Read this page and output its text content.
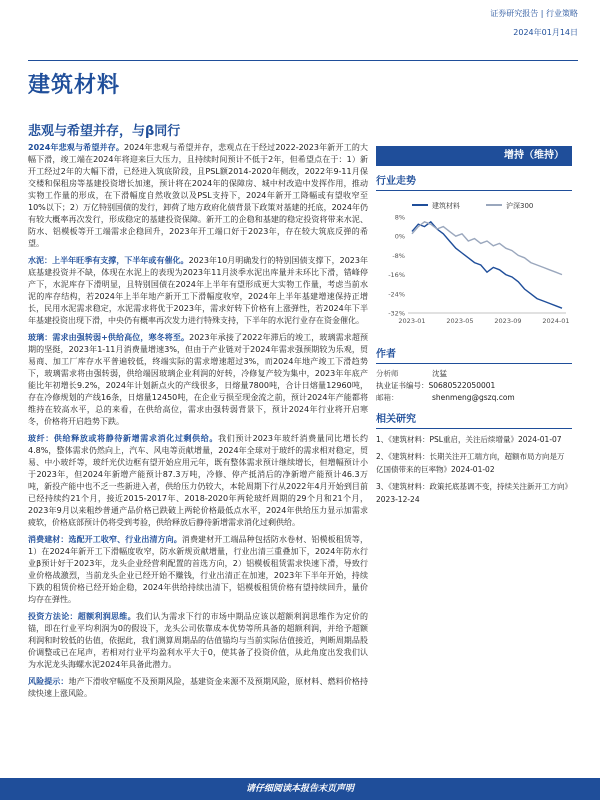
证券研究报告 | 行业策略
2024年01月14日
建筑材料
悲观与希望并存，与β同行

2024年悲观与希望并存。2024年悲观与希望并存，悲观点在于经过2022-2023年新开工的大幅下滑，竣工端在2024年将迎来巨大压力，且持续时间预计不低于2年，但希望点在于：1）新开工经过2年的大幅下滑，已经进入筑底阶段，且PSL额2014-2020年侧改，2022年9-11月保交楼和保租房等基建投资增长加速，预计将在2024年的保障房、城中村改造中发挥作用，推动实物工作量的形成，在下滑幅度自然收敛以及PSL支持下，2024年新开工降幅或有望收窄至10%以下；2）万亿特别国债的发行，卸荷了地方政府化债背景下政策对基建的托底，2024年仍有较大概率再次发行，形成稳定的基建投资保障。新开工的企稳和基建的稳定投资将带来水泥、防水、铝模板等开工端需求企稳回升，2023年开工端口好于2023年，存在较大筑底反弹的希望。

水泥：上半年旺季有支撑，下半年或有催化。2023年10月明确发行的特别国债支撑下，2023年底基建投资并不缺，体现在水泥上的表现为2023年11月淡季水泥出库量并未环比下滑，错峰停产下，水泥库存下滑明显，且特别国债在2024年上半年有望形成更大实物工作量，考虑当前水泥的库存结构，若2024年上半年地产新开工下滑幅度收窄，2024年上半年基建增速保持正增长，民用水泥需求稳定，水泥需求将优于2023年，需求好转下价格有上涨弹性，若2024年下半年基建投资出现下滑，中央仍有概率再次发力进行特殊支持，下半年的水泥行业存在资金催化。

玻璃：需求由强转弱+供给高位，寒冬将至。2023年承接了2022年滞后的竣工，玻璃需求超预期的坚挺，2023年1-11月消费量增速3%，但由于产业链对于2024年需求强预期较为乐观，贸易商、加工厂库存水平普遍较低，终端实际的需求增速超过3%，而2024年地产竣工下滑趋势下，玻璃需求将由强转弱，供给端因玻璃企业利润的好转，冷修复产较为集中，2023年年底产能比年初增长9.2%，2024年计划新点火的产线很多，日熔量7800吨，合计日熔量12960吨，存在冷修规划的产线16条，日熔量12450吨，在企业亏损至现金流之前，预计2024年产能都将维持在较高水平，总的来看，在供给高位，需求由强转弱背景下，预计2024年行业将开启寒冬，价格将开启趋势下跌。

玻纤：供给释放或将静待新增需求消化过剩供给。我们预计2023年玻纤消费量同比增长约4.8%，整体需求仍然向上，汽车、风电等贡献增量，2024年全球对于玻纤的需求相对稳定，贸易、中小玻纤等，玻纤光伏边框有望开始应用元年，既有整体需求预计继续增长，但增幅预计小于2023年，但2024年新增产能预计87.3万吨，冷修、停产抵消后的净新增产能预计46.3万吨，新投产能中也不乏一些新进入者，供给压力仍较大，本轮周期下行从2022年4月开始到目前已经持续约21个月，接近2015-2017年、2018-2020年两轮玻纤周期的29个月和21个月，2023年9月以来粗纱普通产品价格已跌破上两轮价格最低点水平，2024年供给压力显示加需求疲软，价格底部预计仍将受到考验，供给释放后静待新增需求消化过剩供给。

消费建材：选配开工收窄、行业出清方向。消费建材开工端品种包括防水卷材、铝模板租赁等，1）在2024年新开工下滑幅度收窄，防水新规贡献增量，行业出清三重叠加下，2024年防水行业β预计好于2023年，龙头企业经营利配置的首选方向，2）铝模板租赁需求快速下滑，导致行业价格战激烈，当前龙头企业已经开始不赚钱，行业出清正在加速，2023年下半年开始，持续下跌的租赁价格已经开始企稳，2024年供给持续出清下，铝模板租赁价格有望持续回升，量价均存在弹性。

投资方法论：超额利润思维。我们认为需求下行的市场中期品应该以超额利润思维作为定价的锚，即在行业平均利润为0的假设下，龙头公司依靠成本优势等所具备的超额利润，并给予超额利润和时较低的估值，依据此，我们测算周期品的估值锚均与当前实际估值接近，判断周期品股价调整或已在尾声，若相对行业平均盈利水平大于0，使其备了投资价值，从此角度出发我们认为水泥龙头海螺水泥2024年具备此潜力。

风险提示：地产下滑收窄幅度不及预期风险，基建资金来源不及预期风险，原材料、燃料价格持续快速上涨风险。

增持（维持）
行业走势
8%
0%
-8%
-16%
-24%
-32%
2023-01	2023-05	2023-09	2024-01
建筑材料	沪深300
作者
分析师	沈猛
执业证书编号：S0680522050001
邮箱：	shenmeng@gszq.com
相关研究
1、《建筑材料：PSL重启，关注后续增量》2024-01-07
2、《建筑材料：长期关注开工端方向，超额布局方向是万亿国债带来的巨率物》2024-01-02
3、《建筑材料：政策托底基调不变，持续关注新开工方向》2023-12-24
请仔细阅读本报告末页声明
